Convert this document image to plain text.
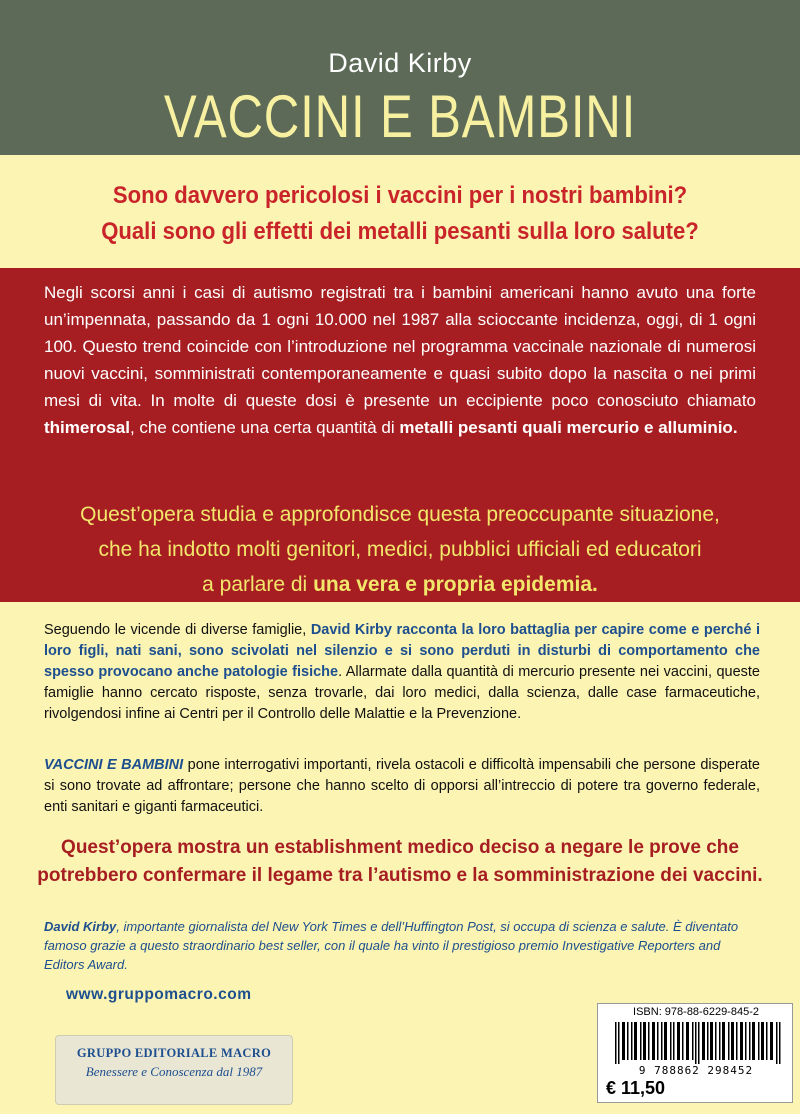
David Kirby
VACCINI E BAMBINI
Sono davvero pericolosi i vaccini per i nostri bambini?
Quali sono gli effetti dei metalli pesanti sulla loro salute?
Negli scorsi anni i casi di autismo registrati tra i bambini americani hanno avuto una forte un’impennata, passando da 1 ogni 10.000 nel 1987 alla scioccante incidenza, oggi, di 1 ogni 100. Questo trend coincide con l’introduzione nel programma vaccinale nazionale di numerosi nuovi vaccini, somministrati contemporaneamente e quasi subito dopo la nascita o nei primi mesi di vita. In molte di queste dosi è presente un eccipiente poco conosciuto chiamato thimerosal, che contiene una certa quantità di metalli pesanti quali mercurio e alluminio.
Quest’opera studia e approfondisce questa preoccupante situazione,
che ha indotto molti genitori, medici, pubblici ufficiali ed educatori
a parlare di una vera e propria epidemia.
Seguendo le vicende di diverse famiglie, David Kirby racconta la loro battaglia per capire come e perché i loro figli, nati sani, sono scivolati nel silenzio e si sono perduti in disturbi di comportamento che spesso provocano anche patologie fisiche. Allarmate dalla quantità di mercurio presente nei vaccini, queste famiglie hanno cercato risposte, senza trovarle, dai loro medici, dalla scienza, dalle case farmaceutiche, rivolgendosi infine ai Centri per il Controllo delle Malattie e la Prevenzione.
VACCINI E BAMBINI pone interrogativi importanti, rivela ostacoli e difficoltà impensabili che persone disperate si sono trovate ad affrontare; persone che hanno scelto di opporsi all’intreccio di potere tra governo federale, enti sanitari e giganti farmaceutici.
Quest’opera mostra un establishment medico deciso a negare le prove che
potrebbero confermare il legame tra l’autismo e la somministrazione dei vaccini.
David Kirby, importante giornalista del New York Times e dell’Huffington Post, si occupa di scienza e salute. È diventato famoso grazie a questo straordinario best seller, con il quale ha vinto il prestigioso premio Investigative Reporters and Editors Award.
www.gruppomacro.com
GRUPPO EDITORIALE MACRO
Benessere e Conoscenza dal 1987
ISBN: 978-88-6229-845-2
9 788862 298452
€ 11,50
